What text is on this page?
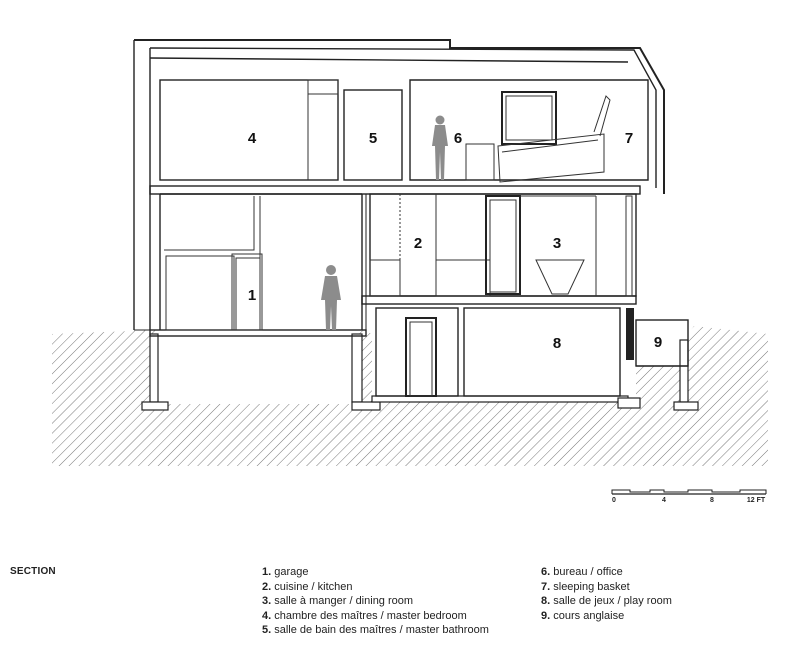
1
2	3
4	5	6	7
8	9
0	4	8	12 FT
SECTION	1. garage
2. cuisine / kitchen
3. salle à manger / dining room
4. chambre des maîtres / master bedroom
5. salle de bain des maîtres / master bathroom
6. bureau / office
7. sleeping basket
8. salle de jeux / play room
9. cours anglaise
